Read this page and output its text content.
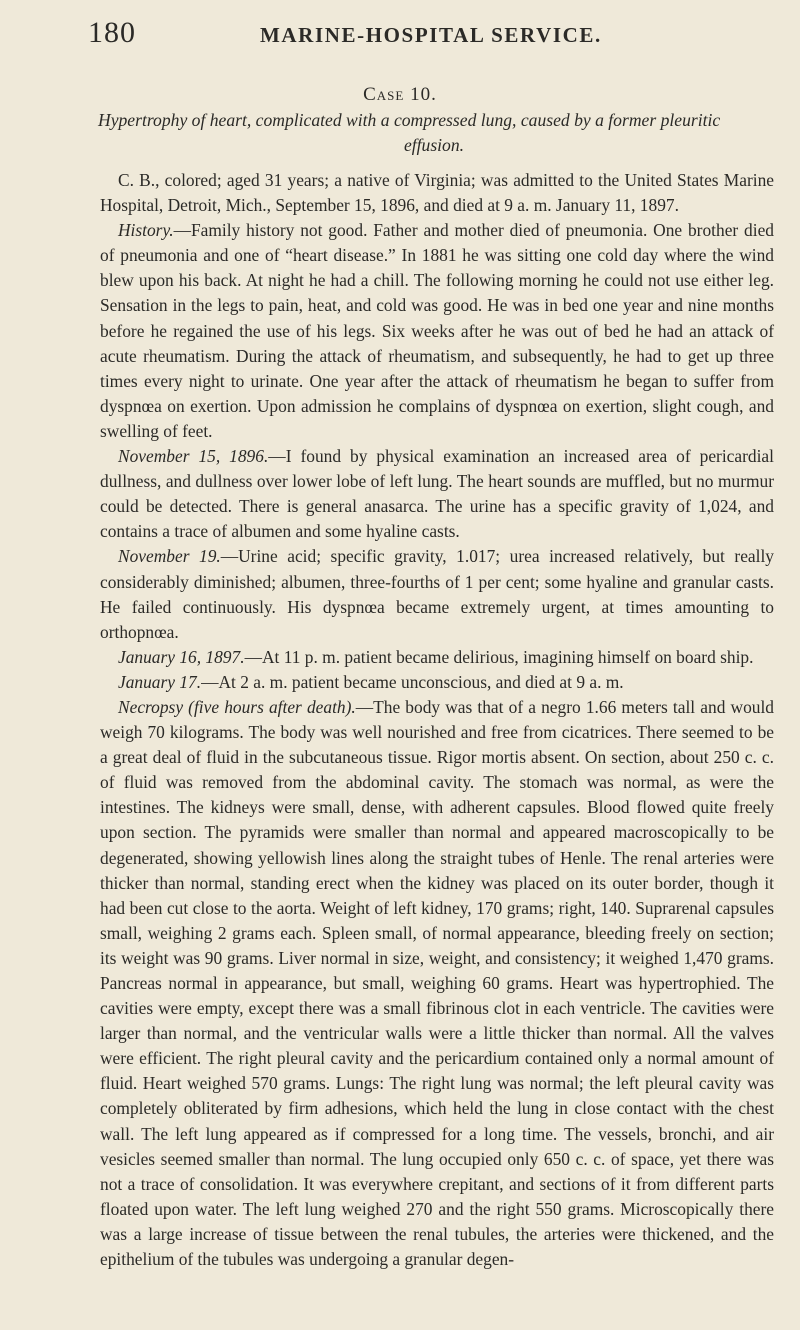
180	MARINE-HOSPITAL SERVICE.
Case 10.
Hypertrophy of heart, complicated with a compressed lung, caused by a former pleuritic
effusion.

C. B., colored; aged 31 years; a native of Virginia; was admitted to the United States Marine Hospital, Detroit, Mich., September 15, 1896, and died at 9 a. m. January 11, 1897.

History.—Family history not good. Father and mother died of pneumonia. One brother died of pneumonia and one of “heart disease.” In 1881 he was sitting one cold day where the wind blew upon his back. At night he had a chill. The following morning he could not use either leg. Sensation in the legs to pain, heat, and cold was good. He was in bed one year and nine months before he regained the use of his legs. Six weeks after he was out of bed he had an attack of acute rheumatism. During the attack of rheumatism, and subsequently, he had to get up three times every night to urinate. One year after the attack of rheumatism he began to suffer from dyspnœa on exertion. Upon admission he complains of dyspnœa on exertion, slight cough, and swelling of feet.

November 15, 1896.—I found by physical examination an increased area of pericardial dullness, and dullness over lower lobe of left lung. The heart sounds are muffled, but no murmur could be detected. There is general anasarca. The urine has a specific gravity of 1,024, and contains a trace of albumen and some hyaline casts.

November 19.—Urine acid; specific gravity, 1.017; urea increased relatively, but really considerably diminished; albumen, three-fourths of 1 per cent; some hyaline and granular casts. He failed continuously. His dyspnœa became extremely urgent, at times amounting to orthopnœa.

January 16, 1897.—At 11 p. m. patient became delirious, imagining himself on board ship.

January 17.—At 2 a. m. patient became unconscious, and died at 9 a. m.

Necropsy (five hours after death).—The body was that of a negro 1.66 meters tall and would weigh 70 kilograms. The body was well nourished and free from cicatrices. There seemed to be a great deal of fluid in the subcutaneous tissue. Rigor mortis absent. On section, about 250 c. c. of fluid was removed from the abdominal cavity. The stomach was normal, as were the intestines. The kidneys were small, dense, with adherent capsules. Blood flowed quite freely upon section. The pyramids were smaller than normal and appeared macroscopically to be degenerated, showing yellowish lines along the straight tubes of Henle. The renal arteries were thicker than normal, standing erect when the kidney was placed on its outer border, though it had been cut close to the aorta. Weight of left kidney, 170 grams; right, 140. Suprarenal capsules small, weighing 2 grams each. Spleen small, of normal appearance, bleeding freely on section; its weight was 90 grams. Liver normal in size, weight, and consistency; it weighed 1,470 grams. Pancreas normal in appearance, but small, weighing 60 grams. Heart was hypertrophied. The cavities were empty, except there was a small fibrinous clot in each ventricle. The cavities were larger than normal, and the ventricular walls were a little thicker than normal. All the valves were efficient. The right pleural cavity and the pericardium contained only a normal amount of fluid. Heart weighed 570 grams. Lungs: The right lung was normal; the left pleural cavity was completely obliterated by firm adhesions, which held the lung in close contact with the chest wall. The left lung appeared as if compressed for a long time. The vessels, bronchi, and air vesicles seemed smaller than normal. The lung occupied only 650 c. c. of space, yet there was not a trace of consolidation. It was everywhere crepitant, and sections of it from different parts floated upon water. The left lung weighed 270 and the right 550 grams. Microscopically there was a large increase of tissue between the renal tubules, the arteries were thickened, and the epithelium of the tubules was undergoing a granular degen-
